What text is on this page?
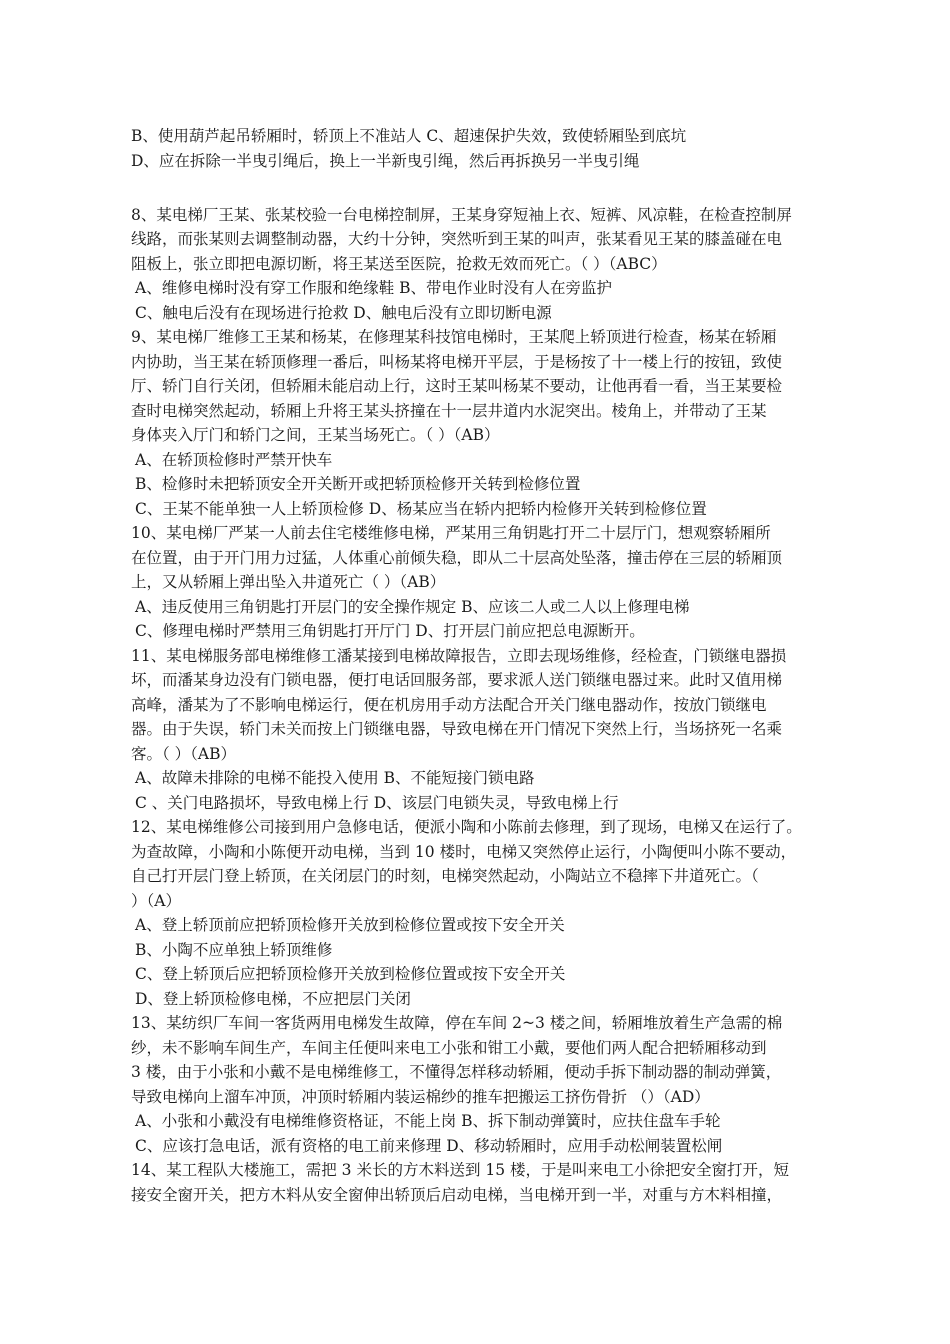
B、使用葫芦起吊轿厢时，轿顶上不准站人 C、超速保护失效，致使轿厢坠到底坑
D、应在拆除一半曳引绳后，换上一半新曳引绳，然后再拆换另一半曳引绳
8、某电梯厂王某、张某校验一台电梯控制屏，王某身穿短袖上衣、短裤、风凉鞋，在检查控制屏
线路，而张某则去调整制动器，大约十分钟，突然听到王某的叫声，张某看见王某的膝盖碰在电
阻板上，张立即把电源切断，将王某送至医院，抢救无效而死亡。（ ）（ABC）
A、维修电梯时没有穿工作服和绝缘鞋 B、带电作业时没有人在旁监护
C、触电后没有在现场进行抢救 D、触电后没有立即切断电源
9、某电梯厂维修工王某和杨某，在修理某科技馆电梯时，王某爬上轿顶进行检查，杨某在轿厢
内协助，当王某在轿顶修理一番后，叫杨某将电梯开平层，于是杨按了十一楼上行的按钮，致使
厅、轿门自行关闭，但轿厢未能启动上行，这时王某叫杨某不要动，让他再看一看，当王某要检
查时电梯突然起动，轿厢上升将王某头挤撞在十一层井道内水泥突出。棱角上，并带动了王某
身体夹入厅门和轿门之间，王某当场死亡。（ ）（AB）
A、在轿顶检修时严禁开快车
B、检修时未把轿顶安全开关断开或把轿顶检修开关转到检修位置
C、王某不能单独一人上轿顶检修 D、杨某应当在轿内把轿内检修开关转到检修位置
10、某电梯厂严某一人前去住宅楼维修电梯，严某用三角钥匙打开二十层厅门，想观察轿厢所
在位置，由于开门用力过猛，人体重心前倾失稳，即从二十层高处坠落，撞击停在三层的轿厢顶
上，又从轿厢上弹出坠入井道死亡（ ）（AB）
A、违反使用三角钥匙打开层门的安全操作规定 B、应该二人或二人以上修理电梯
C、修理电梯时严禁用三角钥匙打开厅门 D、打开层门前应把总电源断开。
11、某电梯服务部电梯维修工潘某接到电梯故障报告，立即去现场维修，经检查，门锁继电器损
坏，而潘某身边没有门锁电器，便打电话回服务部，要求派人送门锁继电器过来。此时又值用梯
高峰，潘某为了不影响电梯运行，便在机房用手动方法配合开关门继电器动作，按放门锁继电
器。由于失误，轿门未关而按上门锁继电器，导致电梯在开门情况下突然上行，当场挤死一名乘
客。（ ）（AB）
A、故障未排除的电梯不能投入使用 B、不能短接门锁电路
C 、关门电路损坏，导致电梯上行 D、该层门电锁失灵，导致电梯上行
12、某电梯维修公司接到用户急修电话，便派小陶和小陈前去修理，到了现场，电梯又在运行了。
为查故障，小陶和小陈便开动电梯，当到 10 楼时，电梯又突然停止运行，小陶便叫小陈不要动，
自己打开层门登上轿顶，在关闭层门的时刻，电梯突然起动，小陶站立不稳摔下井道死亡。（
）（A）
A、登上轿顶前应把轿顶检修开关放到检修位置或按下安全开关
B、小陶不应单独上轿顶维修
C、登上轿顶后应把轿顶检修开关放到检修位置或按下安全开关
D、登上轿顶检修电梯，不应把层门关闭
13、某纺织厂车间一客货两用电梯发生故障，停在车间 2~3 楼之间，轿厢堆放着生产急需的棉
纱，未不影响车间生产，车间主任便叫来电工小张和钳工小戴，要他们两人配合把轿厢移动到
3 楼，由于小张和小戴不是电梯维修工，不懂得怎样移动轿厢，便动手拆下制动器的制动弹簧，
导致电梯向上溜车冲顶，冲顶时轿厢内装运棉纱的推车把搬运工挤伤骨折 （）（AD）
A、小张和小戴没有电梯维修资格证，不能上岗 B、拆下制动弹簧时，应扶住盘车手轮
C、应该打急电话，派有资格的电工前来修理 D、移动轿厢时，应用手动松闸装置松闸
14、某工程队大楼施工，需把 3 米长的方木料送到 15 楼，于是叫来电工小徐把安全窗打开，短
接安全窗开关，把方木料从安全窗伸出轿顶后启动电梯，当电梯开到一半，对重与方木料相撞，
